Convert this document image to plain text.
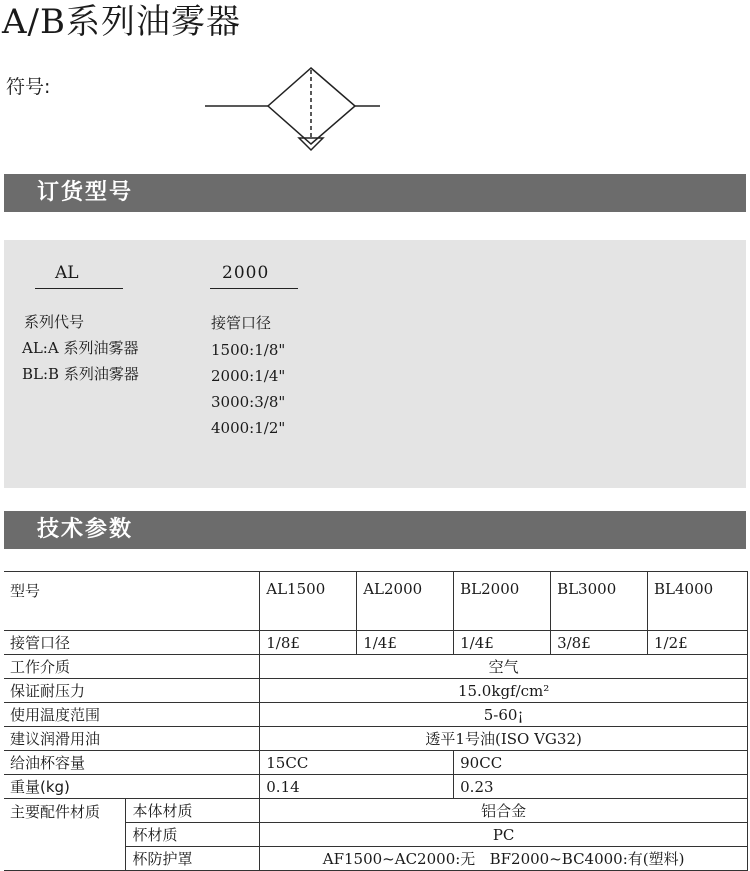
A/B系列油雾器
符号:
订货型号
AL	2000
系列代号
AL:A 系列油雾器
BL:B 系列油雾器
接管口径
1500:1/8"
2000:1/4"
3000:3/8"
4000:1/2"
技术参数
型号		AL1500	AL2000	BL2000	BL3000	BL4000
接管口径		1/8£	1/4£	1/4£	3/8£	1/2£
工作介质		空气				
保证耐压力		15.0kgf/cm²				
使用温度范围		5-60¡				
建议润滑用油		透平1号油(ISO VG32)				
给油杯容量		15CC		90CC		
重量(kg)		0.14		0.23		
主要配件材质	本体材质	铝合金				
	杯材质	PC				
	杯防护罩	AF1500~AC2000:无   BF2000~BC4000:有(塑料)				
